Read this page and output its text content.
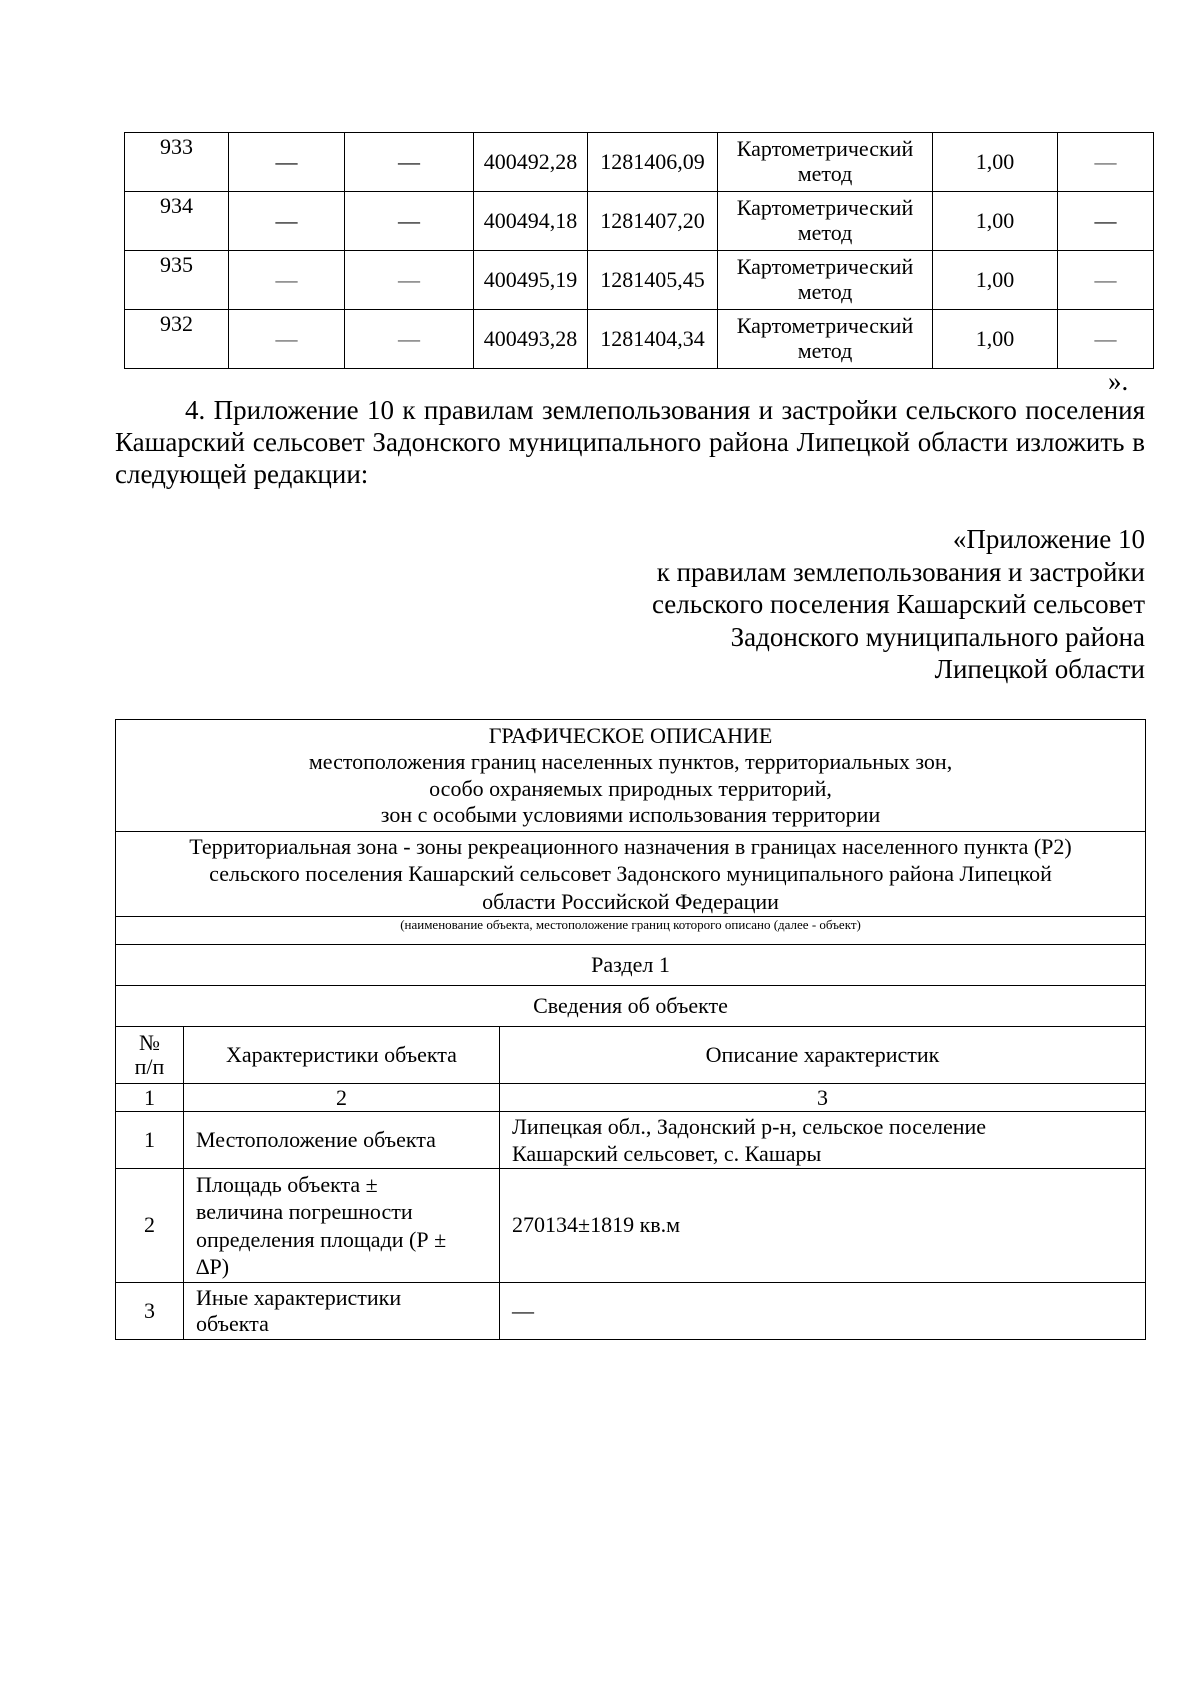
933	—	—	400492,28	1281406,09	Картометрический метод	1,00	—
934	—	—	400494,18	1281407,20	Картометрический метод	1,00	—
935	—	—	400495,19	1281405,45	Картометрический метод	1,00	—
932	—	—	400493,28	1281404,34	Картометрический метод	1,00	—
».
4. Приложение 10 к правилам землепользования и застройки сельского поселения Кашарский сельсовет Задонского муниципального района Липецкой области изложить в следующей редакции:
«Приложение 10
к правилам землепользования и застройки
сельского поселения Кашарский сельсовет
Задонского муниципального района
Липецкой области
ГРАФИЧЕСКОЕ ОПИСАНИЕ
местоположения границ населенных пунктов, территориальных зон,
особо охраняемых природных территорий,
зон с особыми условиями использования территории		

Территориальная зона - зоны рекреационного назначения в границах населенного пункта (Р2)
сельского поселения Кашарский сельсовет Задонского муниципального района Липецкой
области Российской Федерации		

(наименование объекта, местоположение границ которого описано (далее - объект)		
Раздел 1		
Сведения об объекте		

№
п/п	Характеристики объекта	Описание характеристик
1	2	3
1	Местоположение объекта	Липецкая обл., Задонский р-н, сельское поселение
Кашарский сельсовет, с. Кашары

2	Площадь объекта ±
величина погрешности
определения площади (Р ±
∆Р)	270134±1819 кв.м
3	Иные характеристики
объекта	—
